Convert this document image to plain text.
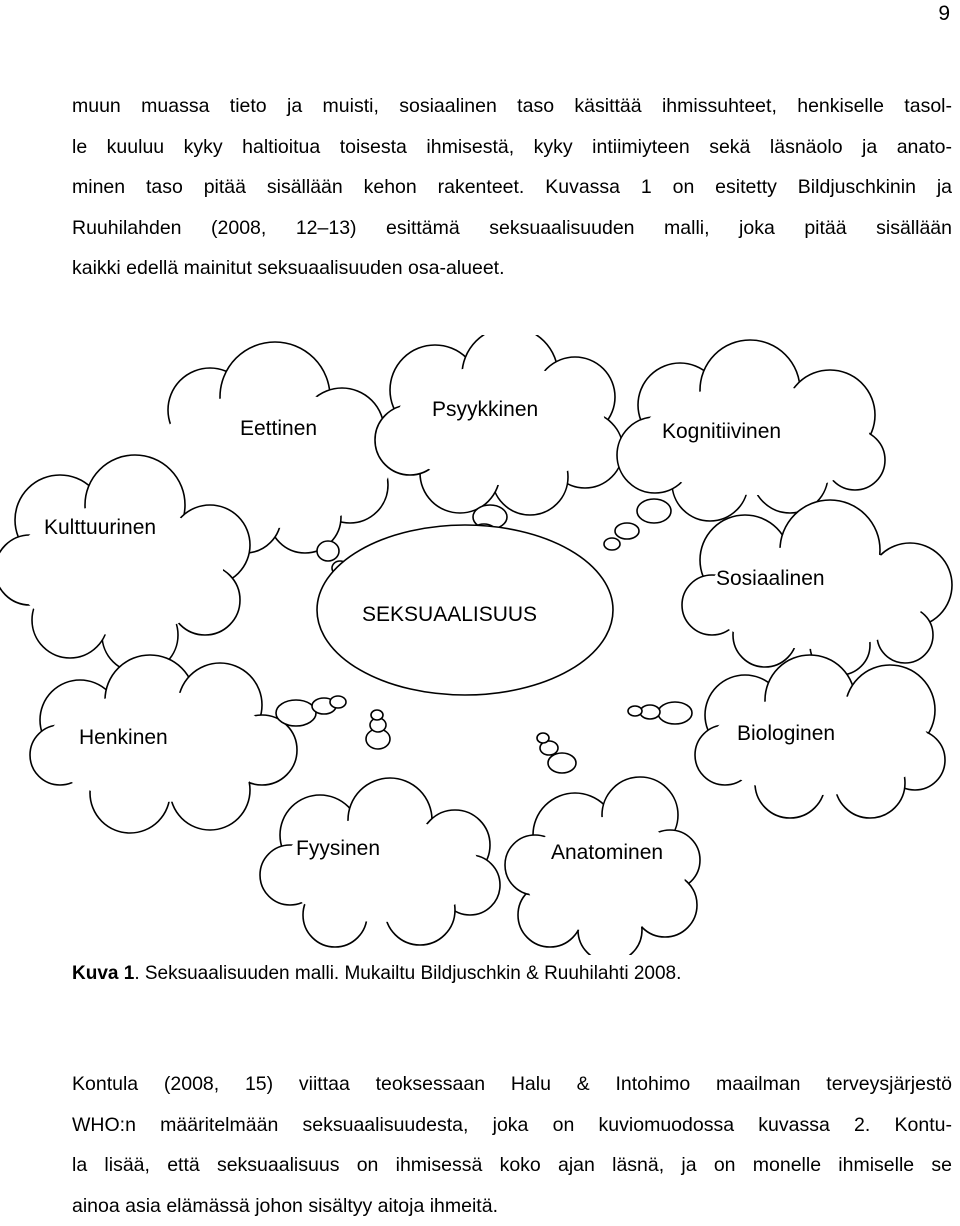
9
muun muassa tieto ja muisti, sosiaalinen taso käsittää ihmissuhteet, henkiselle tasol-
le kuuluu kyky haltioitua toisesta ihmisestä, kyky intiimiyteen sekä läsnäolo ja anato-
minen taso pitää sisällään kehon rakenteet. Kuvassa 1 on esitetty Bildjuschkinin ja
Ruuhilahden (2008, 12–13) esittämä seksuaalisuuden malli, joka pitää sisällään
kaikki edellä mainitut seksuaalisuuden osa-alueet.
Eettinen
Psyykkinen
Kognitiivinen
Kulttuurinen
Sosiaalinen
SEKSUAALISUUS
Henkinen	Biologinen
Fyysinen	Anatominen
Kuva 1. Seksuaalisuuden malli. Mukailtu Bildjuschkin & Ruuhilahti 2008.
Kontula (2008, 15) viittaa teoksessaan Halu & Intohimo maailman terveysjärjestö
WHO:n määritelmään seksuaalisuudesta, joka on kuviomuodossa kuvassa 2. Kontu-
la lisää, että seksuaalisuus on ihmisessä koko ajan läsnä, ja on monelle ihmiselle se
ainoa asia elämässä johon sisältyy aitoja ihmeitä.
